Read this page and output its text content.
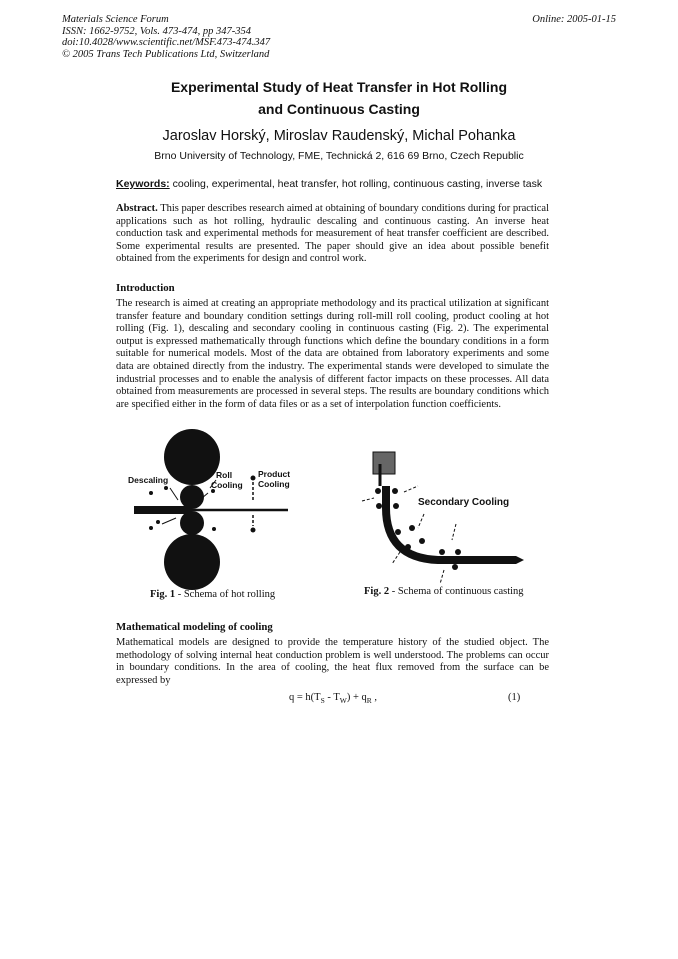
Materials Science Forum
ISSN: 1662-9752, Vols. 473-474, pp 347-354
doi:10.4028/www.scientific.net/MSF.473-474.347
© 2005 Trans Tech Publications Ltd, Switzerland
Online: 2005-01-15
Experimental Study of Heat Transfer in Hot Rolling
and Continuous Casting
Jaroslav Horský, Miroslav Raudenský, Michal Pohanka
Brno University of Technology, FME, Technická 2, 616 69 Brno, Czech Republic
Keywords: cooling, experimental, heat transfer, hot rolling, continuous casting, inverse task
Abstract. This paper describes research aimed at obtaining of boundary conditions during for practical applications such as hot rolling, hydraulic descaling and continuous casting. An inverse heat conduction task and experimental methods for measurement of heat transfer coefficient are described. Some experimental results are presented. The paper should give an idea about possible benefit obtained from the experiments for design and control work.
Introduction
The research is aimed at creating an appropriate methodology and its practical utilization at significant transfer feature and boundary condition settings during roll-mill roll cooling, product cooling at hot rolling (Fig. 1), descaling and secondary cooling in continuous casting (Fig. 2). The experimental output is expressed mathematically through functions which define the boundary conditions in a form suitable for numerical models. Most of the data are obtained from laboratory experiments and some data are obtained directly from the industry. The experimental stands were developed to simulate the industrial processes and to enable the analysis of different factor impacts on these processes. All data obtained from measurements are processed in several steps. The results are boundary conditions which are specified either in the form of data files or as a set of interpolation function coefficients.
Descaling	Roll
Cooling
Product
Cooling
Fig. 1 - Schema of hot rolling
Secondary Cooling
Fig. 2 - Schema of continuous casting
Mathematical modeling of cooling
Mathematical models are designed to provide the temperature history of the studied object. The methodology of solving internal heat conduction problem is well understood. The problems can occur in boundary conditions. In the area of cooling, the heat flux removed from the surface can be expressed by
$q = h(T_S - T_W) + q_R$ ,	(1)
